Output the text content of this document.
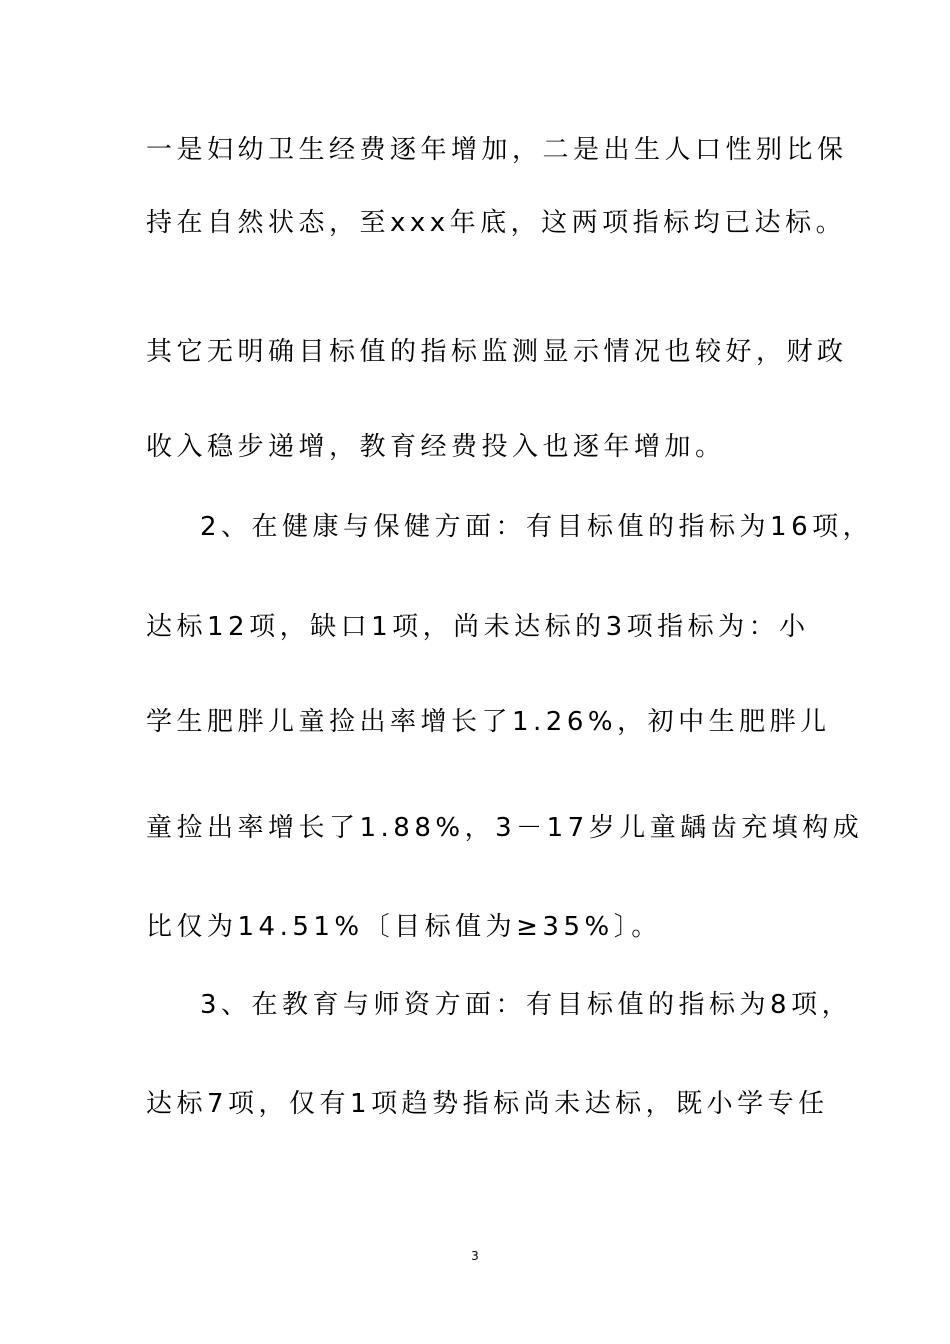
一是妇幼卫生经费逐年增加，二是出生人口性别比保
持在自然状态，至xxx年底，这两项指标均已达标。
其它无明确目标值的指标监测显示情况也较好，财政
收入稳步递增，教育经费投入也逐年增加。
2、在健康与保健方面：有目标值的指标为16项，
达标12项，缺口1项，尚未达标的3项指标为：小
学生肥胖儿童捡出率增长了1.26%，初中生肥胖儿
童捡出率增长了1.88%，3－17岁儿童龋齿充填构成
比仅为14.51%〔目标值为≥35%〕。
3、在教育与师资方面：有目标值的指标为8项，
达标7项，仅有1项趋势指标尚未达标，既小学专任
3
